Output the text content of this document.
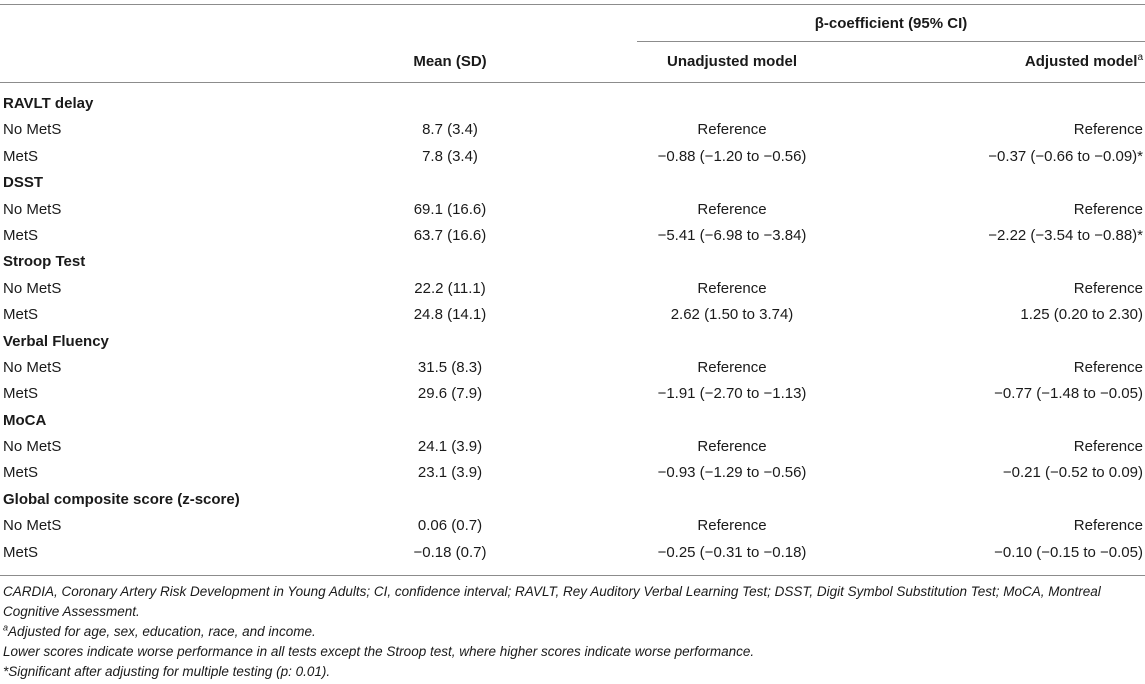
β-coefficient (95% CI)
Mean (SD)	Unadjusted model	Adjusted model$^a$
RAVLT delay
No MetS	8.7 (3.4)	Reference	Reference
MetS	7.8 (3.4)	−0.88 (−1.20 to −0.56)	−0.37 (−0.66 to −0.09)*
DSST
No MetS	69.1 (16.6)	Reference	Reference
MetS	63.7 (16.6)	−5.41 (−6.98 to −3.84)	−2.22 (−3.54 to −0.88)*
Stroop Test
No MetS	22.2 (11.1)	Reference	Reference
MetS	24.8 (14.1)	2.62 (1.50 to 3.74)	1.25 (0.20 to 2.30)
Verbal Fluency
No MetS	31.5 (8.3)	Reference	Reference
MetS	29.6 (7.9)	−1.91 (−2.70 to −1.13)	−0.77 (−1.48 to −0.05)
MoCA
No MetS	24.1 (3.9)	Reference	Reference
MetS	23.1 (3.9)	−0.93 (−1.29 to −0.56)	−0.21 (−0.52 to 0.09)
Global composite score (z-score)
No MetS	0.06 (0.7)	Reference	Reference
MetS	−0.18 (0.7)	−0.25 (−0.31 to −0.18)	−0.10 (−0.15 to −0.05)

CARDIA, Coronary Artery Risk Development in Young Adults; CI, confidence interval; RAVLT, Rey Auditory Verbal Learning Test; DSST, Digit Symbol Substitution Test; MoCA, Montreal Cognitive Assessment.

$^a$Adjusted for age, sex, education, race, and income.

Lower scores indicate worse performance in all tests except the Stroop test, where higher scores indicate worse performance.

*Significant after adjusting for multiple testing (p: 0.01).
